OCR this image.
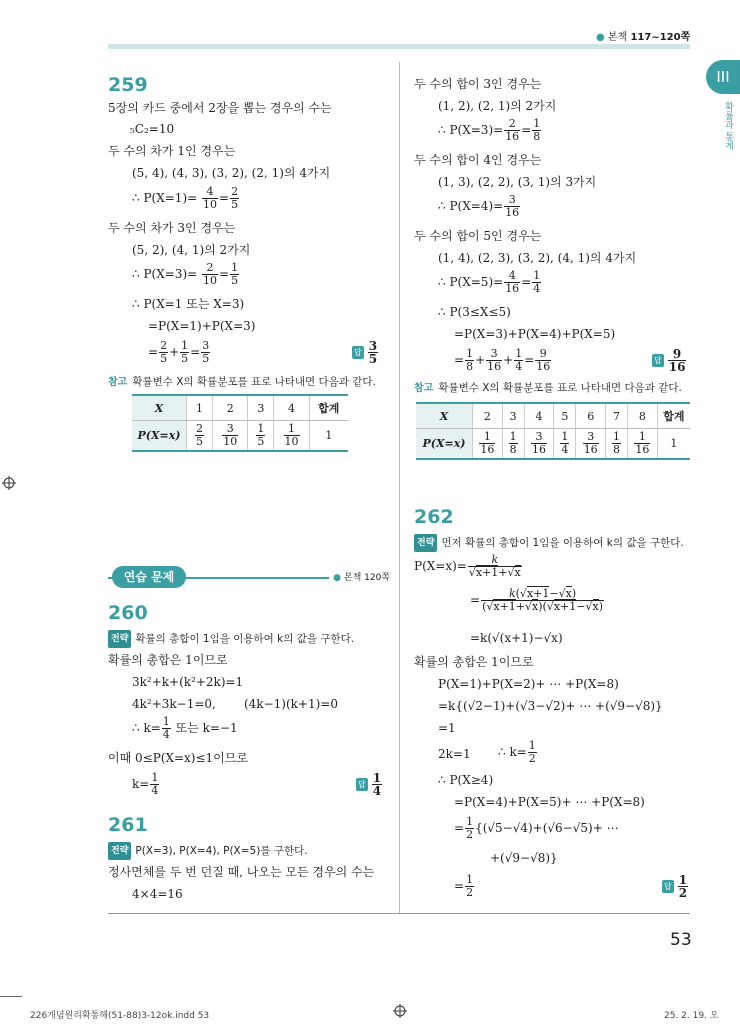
● 본책 117~120쪽
III
확률과 통계
259
5장의 카드 중에서 2장을 뽑는 경우의 수는
₅C₂=10
두 수의 차가 1인 경우는
(5, 4), (4, 3), (3, 2), (2, 1)의 4가지
∴ $P(X=1)= \frac{4}{10} = \frac{2}{5}$
두 수의 차가 3인 경우는
(5, 2), (4, 1)의 2가지
∴ $P(X=3)= \frac{2}{10} = \frac{1}{5}$
∴ P(X=1 또는 X=3)
=P(X=1)+P(X=3)
= $\frac{2}{5} + \frac{1}{5} = \frac{3}{5}$	답 $\frac{3}{5}$
참고 확률변수 X의 확률분포를 표로 나타내면 다음과 같다.
X	1	2	3	4	합계
P(X=x)	$\frac{2}{5}$	$\frac{3}{10}$	$\frac{1}{5}$	$\frac{1}{10}$	1
연습 문제	● 본책 120쪽
260
전략 확률의 총합이 1임을 이용하여 k의 값을 구한다.
확률의 총합은 1이므로
3k²+k+(k²+2k)=1
4k²+3k−1=0, (4k−1)(k+1)=0
∴ $k= \frac{1}{4}$ 또는 k=−1
이때 0≤P(X=x)≤1이므로
$k= \frac{1}{4}$	답 $\frac{1}{4}$
261
전략 P(X=3), P(X=4), P(X=5)를 구한다.
정사면체를 두 번 던질 때, 나오는 모든 경우의 수는
4×4=16
두 수의 합이 3인 경우는
(1, 2), (2, 1)의 2가지
∴ $P(X=3)= \frac{2}{16} = \frac{1}{8}$
두 수의 합이 4인 경우는
(1, 3), (2, 2), (3, 1)의 3가지
∴ $P(X=4)= \frac{3}{16}$
두 수의 합이 5인 경우는
(1, 4), (2, 3), (3, 2), (4, 1)의 4가지
∴ $P(X=5)= \frac{4}{16} = \frac{1}{4}$
∴ P(3≤X≤5)
=P(X=3)+P(X=4)+P(X=5)
= $\frac{1}{8} + \frac{3}{16} + \frac{1}{4} = \frac{9}{16}$	답 $\frac{9}{16}$
참고 확률변수 X의 확률분포를 표로 나타내면 다음과 같다.
X	2	3	4	5	6	7	8	합계
P(X=x)	$\frac{1}{16}$	$\frac{1}{8}$	$\frac{3}{16}$	$\frac{1}{4}$	$\frac{3}{16}$	$\frac{1}{8}$	$\frac{1}{16}$	1
262
전략 먼저 확률의 총합이 1임을 이용하여 k의 값을 구한다.
$P(X=x)= \frac{k}{√x+1+√x}$
= $\frac{k(√x+1-√x)}{(√x+1+√x)(√x+1-√x)}$
=k(√(x+1)−√x)
확률의 총합은 1이므로
P(X=1)+P(X=2)+ ⋯ +P(X=8)
=k{(√2−1)+(√3−√2)+ ⋯ +(√9−√8)}
=1
2k=1 ∴ $k= \frac{1}{2}$
∴ P(X≥4)
=P(X=4)+P(X=5)+ ⋯ +P(X=8)
= $\frac{1}{2} \{(√5-√4)+(√6-√5)+$ ⋯
+(√9−√8)}
= $\frac{1}{2}$	답 $\frac{1}{2}$
53
226개념원리확통해(51-88)3-12ok.indd 53	25. 2. 19. 오
